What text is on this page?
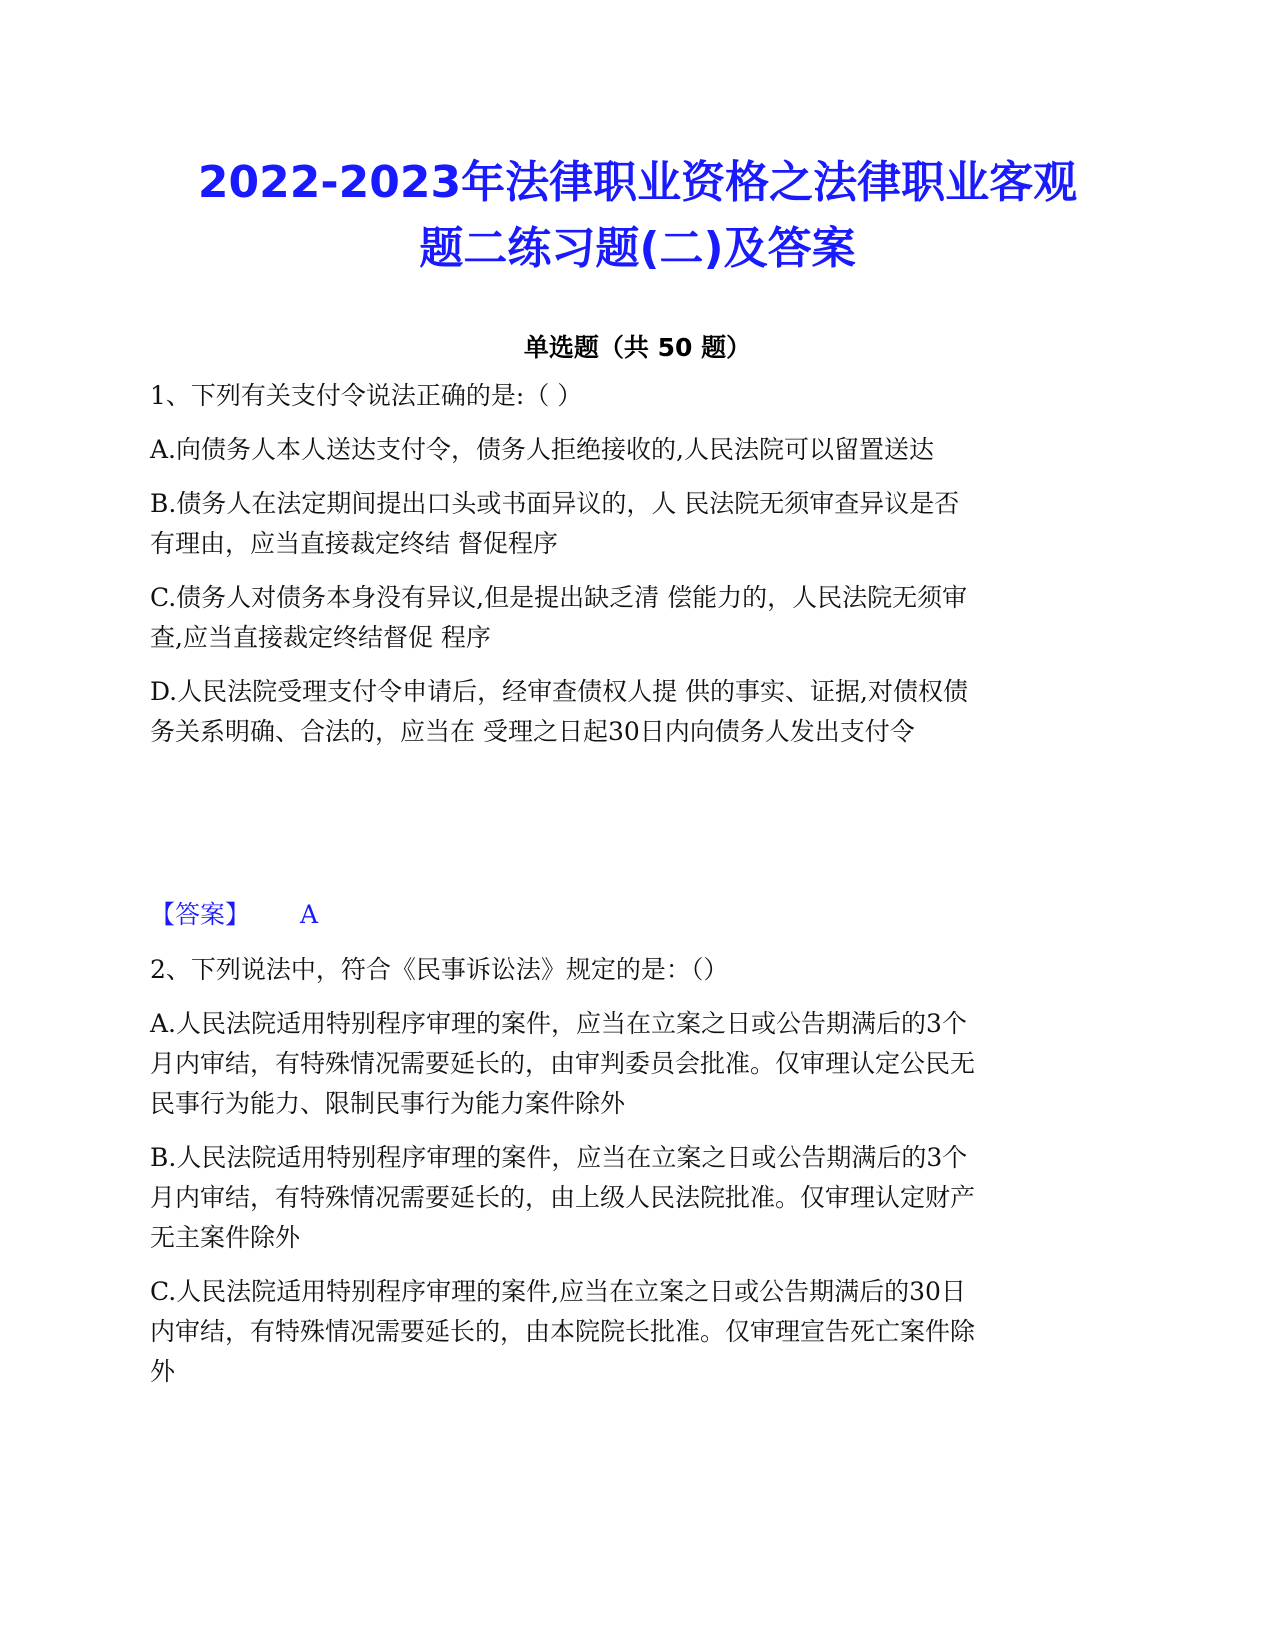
2022-2023年法律职业资格之法律职业客观
题二练习题(二)及答案
单选题（共 50 题）

1、下列有关支付令说法正确的是:（ ）

A.向债务人本人送达支付令，债务人拒绝接收的,人民法院可以留置送达

B.债务人在法定期间提出口头或书面异议的，人 民法院无须审查异议是否
有理由，应当直接裁定终结 督促程序

C.债务人对债务本身没有异议,但是提出缺乏清 偿能力的，人民法院无须审
查,应当直接裁定终结督促 程序

D.人民法院受理支付令申请后，经审查债权人提 供的事实、证据,对债权债
务关系明确、合法的，应当在 受理之日起30日内向债务人发出支付令

【答案】 A

2、下列说法中，符合《民事诉讼法》规定的是：（）

A.人民法院适用特别程序审理的案件，应当在立案之日或公告期满后的3个
月内审结，有特殊情况需要延长的，由审判委员会批准。仅审理认定公民无
民事行为能力、限制民事行为能力案件除外

B.人民法院适用特别程序审理的案件，应当在立案之日或公告期满后的3个
月内审结，有特殊情况需要延长的，由上级人民法院批准。仅审理认定财产
无主案件除外

C.人民法院适用特别程序审理的案件,应当在立案之日或公告期满后的30日
内审结，有特殊情况需要延长的，由本院院长批准。仅审理宣告死亡案件除
外
